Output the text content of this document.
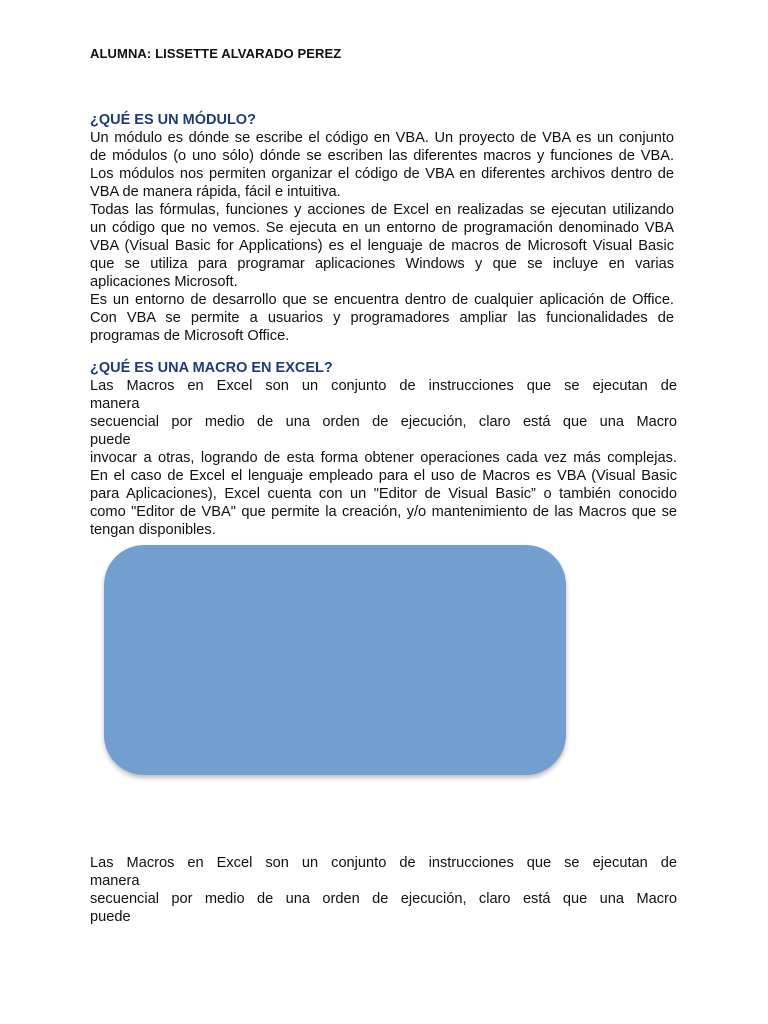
ALUMNA: LISSETTE ALVARADO PEREZ
¿QUÉ ES UN MÓDULO?
Un módulo es dónde se escribe el código en VBA. Un proyecto de VBA es un conjunto
de módulos (o uno sólo) dónde se escriben las diferentes macros y funciones de VBA.
Los módulos nos permiten organizar el código de VBA en diferentes archivos dentro de
VBA de manera rápida, fácil e intuitiva.
Todas las fórmulas, funciones y acciones de Excel en realizadas se ejecutan utilizando
un código que no vemos. Se ejecuta en un entorno de programación denominado VBA
VBA (Visual Basic for Applications) es el lenguaje de macros de Microsoft Visual Basic
que se utiliza para programar aplicaciones Windows y que se incluye en varias
aplicaciones Microsoft.
Es un entorno de desarrollo que se encuentra dentro de cualquier aplicación de Office.
Con VBA se permite a usuarios y programadores ampliar las funcionalidades de
programas de Microsoft Office.
¿QUÉ ES UNA MACRO EN EXCEL?
Las Macros en Excel son un conjunto de instrucciones que se ejecutan de
manera
secuencial por medio de una orden de ejecución, claro está que una Macro
puede
invocar a otras, logrando de esta forma obtener operaciones cada vez más complejas.
En el caso de Excel el lenguaje empleado para el uso de Macros es VBA (Visual Basic
para Aplicaciones), Excel cuenta con un "Editor de Visual Basic” o también conocido
como "Editor de VBA" que permite la creación, y/o mantenimiento de las Macros que se
tengan disponibles.
Las Macros en Excel son un conjunto de instrucciones que se ejecutan de
manera
secuencial por medio de una orden de ejecución, claro está que una Macro
puede
